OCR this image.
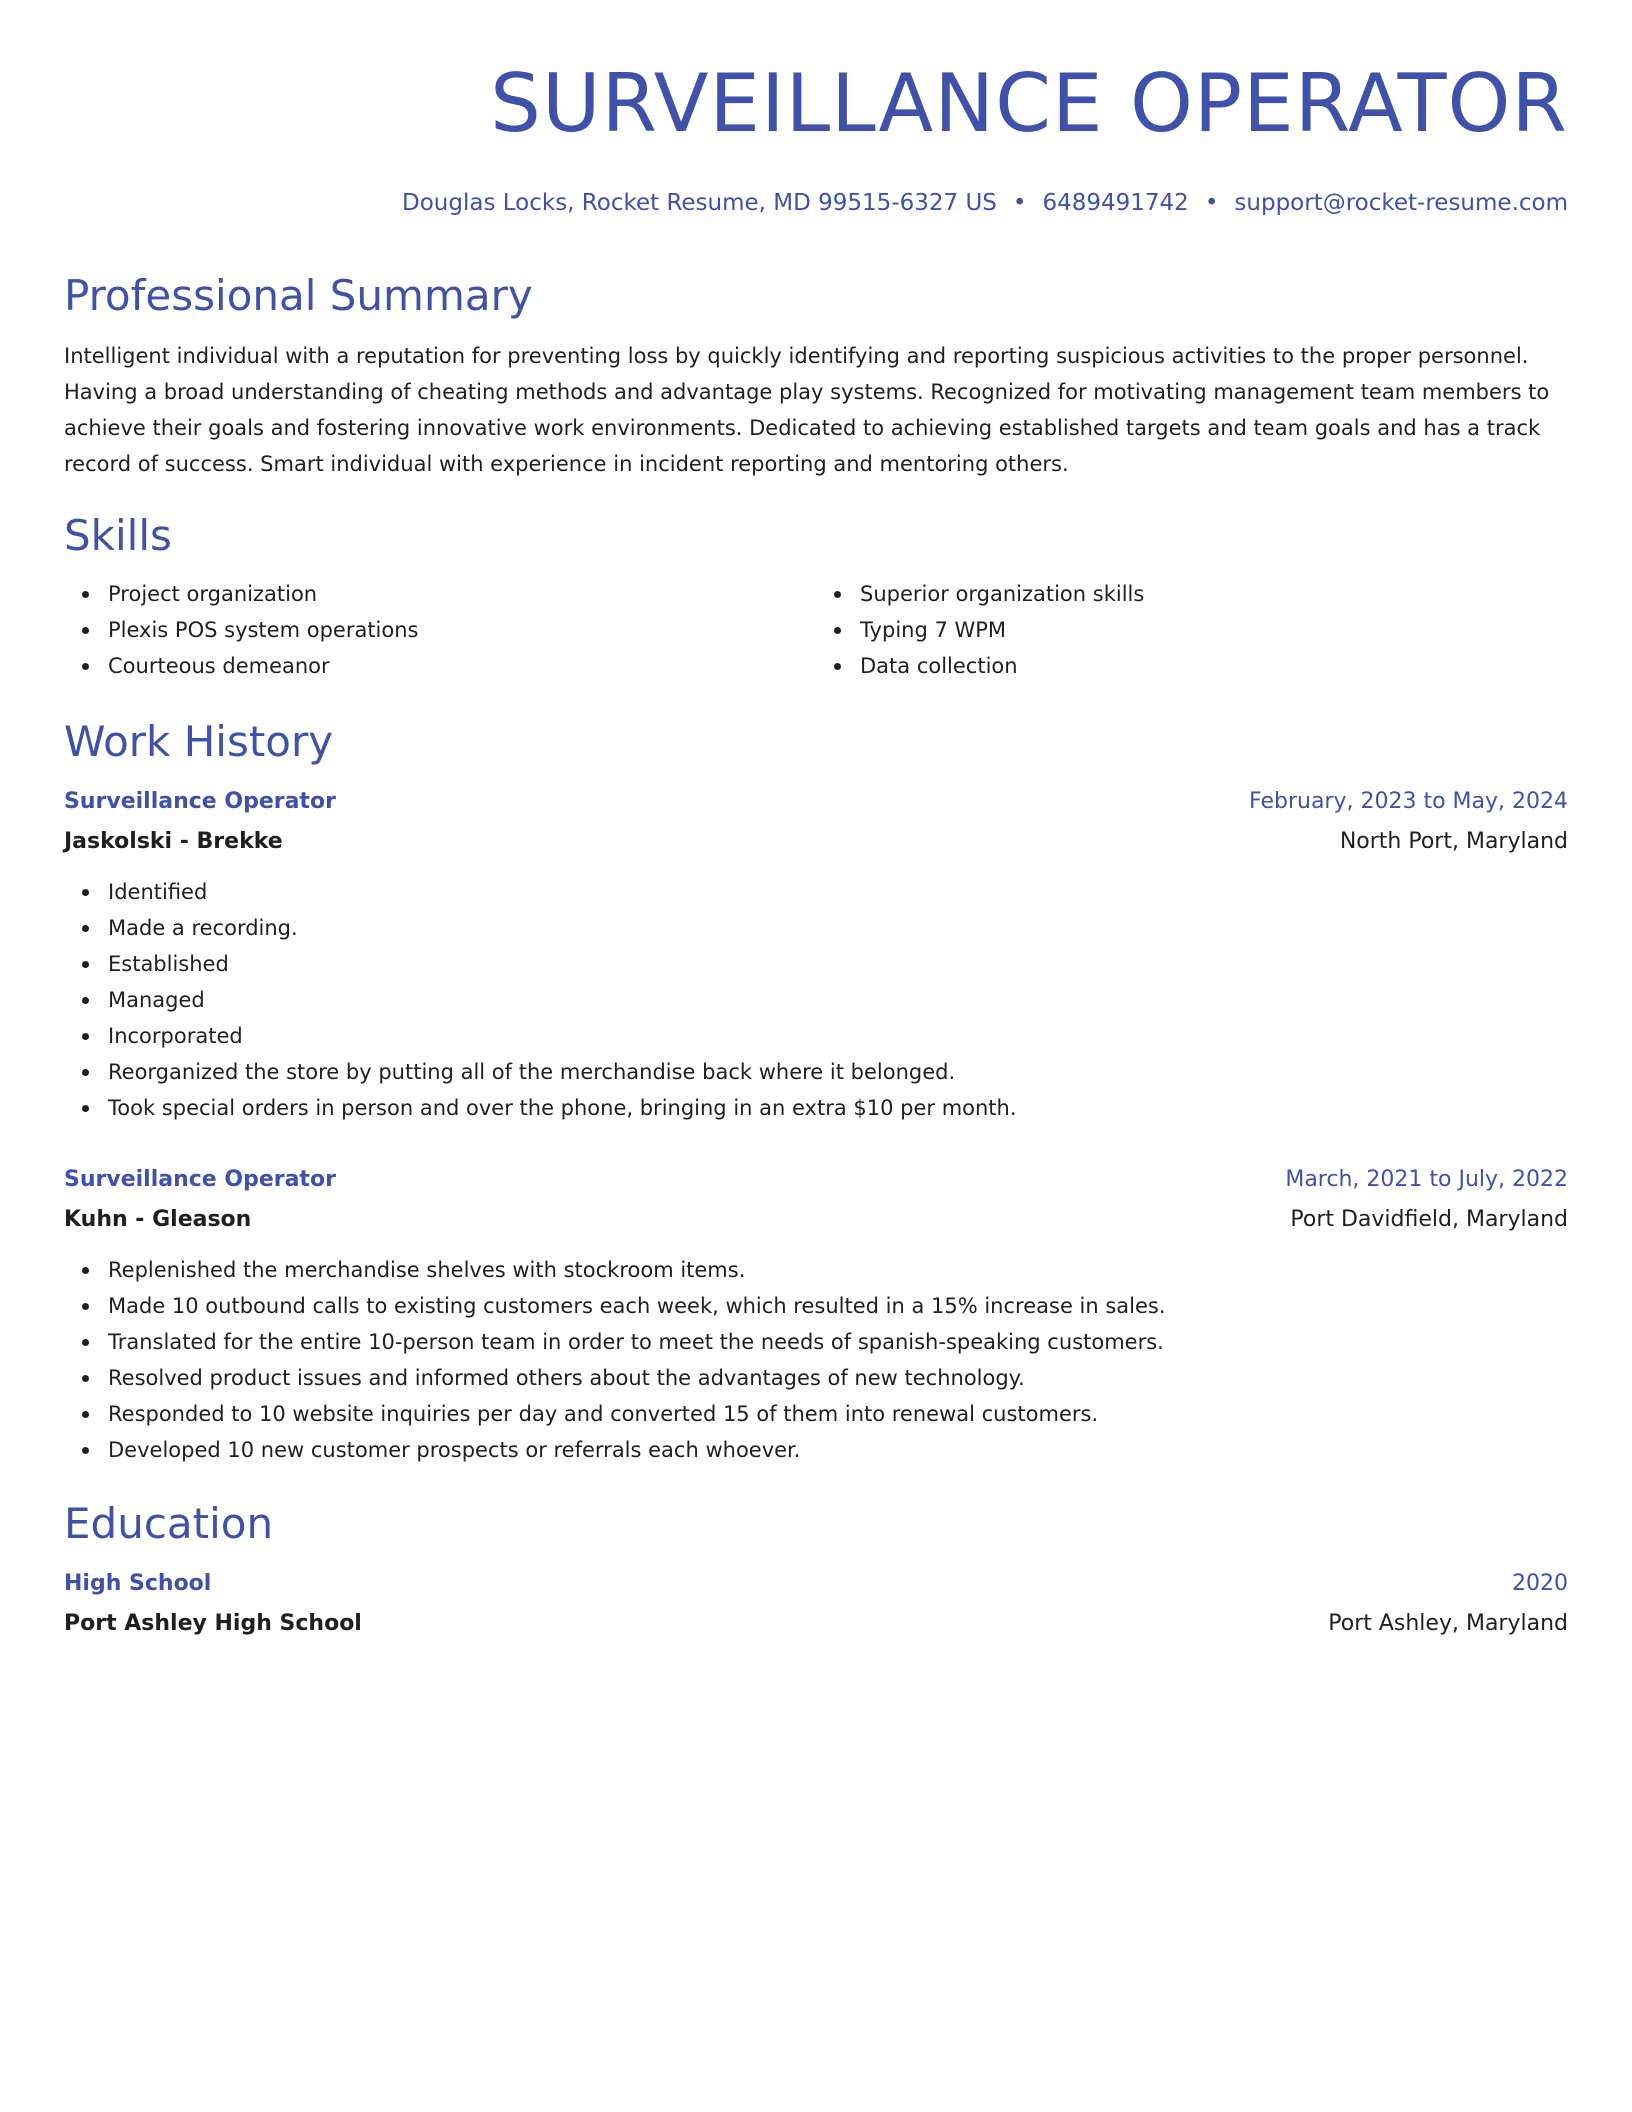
SURVEILLANCE OPERATOR
Douglas Locks, Rocket Resume, MD 99515-6327 US • 6489491742 • support@rocket-resume.com
Professional Summary
Intelligent individual with a reputation for preventing loss by quickly identifying and reporting suspicious activities to the proper personnel. Having a broad understanding of cheating methods and advantage play systems. Recognized for motivating management team members to achieve their goals and fostering innovative work environments. Dedicated to achieving established targets and team goals and has a track record of success. Smart individual with experience in incident reporting and mentoring others.
Skills
Project organization
Plexis POS system operations
Courteous demeanor
Superior organization skills
Typing 7 WPM
Data collection
Work History
Surveillance Operator	February, 2023 to May, 2024
Jaskolski - Brekke	North Port, Maryland
Identified
Made a recording.
Established
Managed
Incorporated
Reorganized the store by putting all of the merchandise back where it belonged.
Took special orders in person and over the phone, bringing in an extra $10 per month.
Surveillance Operator	March, 2021 to July, 2022
Kuhn - Gleason	Port Davidfield, Maryland
Replenished the merchandise shelves with stockroom items.
Made 10 outbound calls to existing customers each week, which resulted in a 15% increase in sales.
Translated for the entire 10-person team in order to meet the needs of spanish-speaking customers.
Resolved product issues and informed others about the advantages of new technology.
Responded to 10 website inquiries per day and converted 15 of them into renewal customers.
Developed 10 new customer prospects or referrals each whoever.
Education
High School	2020
Port Ashley High School	Port Ashley, Maryland
